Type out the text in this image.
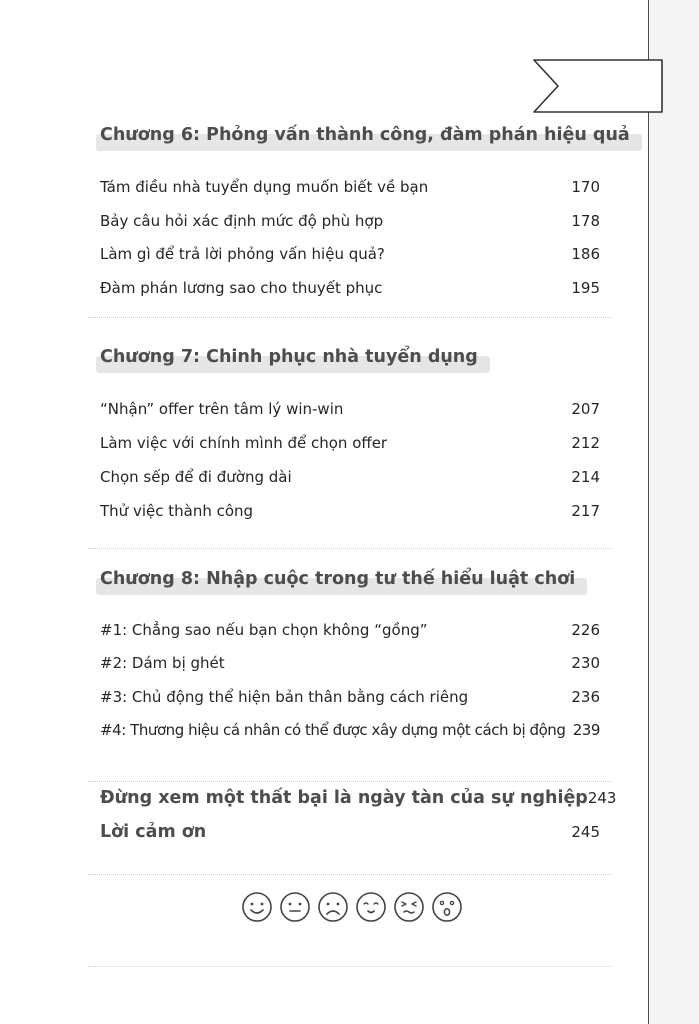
Chương 6: Phỏng vấn thành công, đàm phán hiệu quả
Tám điều nhà tuyển dụng muốn biết về bạn	170
Bảy câu hỏi xác định mức độ phù hợp	178
Làm gì để trả lời phỏng vấn hiệu quả?	186
Đàm phán lương sao cho thuyết phục	195
Chương 7: Chinh phục nhà tuyển dụng
“Nhận” offer trên tâm lý win-win	207
Làm việc với chính mình để chọn offer	212
Chọn sếp để đi đường dài	214
Thử việc thành công	217
Chương 8: Nhập cuộc trong tư thế hiểu luật chơi
#1: Chẳng sao nếu bạn chọn không “gồng”	226
#2: Dám bị ghét	230
#3: Chủ động thể hiện bản thân bằng cách riêng	236
#4: Thương hiệu cá nhân có thể được xây dựng một cách bị động 239
Đừng xem một thất bại là ngày tàn của sự nghiệp 243
Lời cảm ơn	245
